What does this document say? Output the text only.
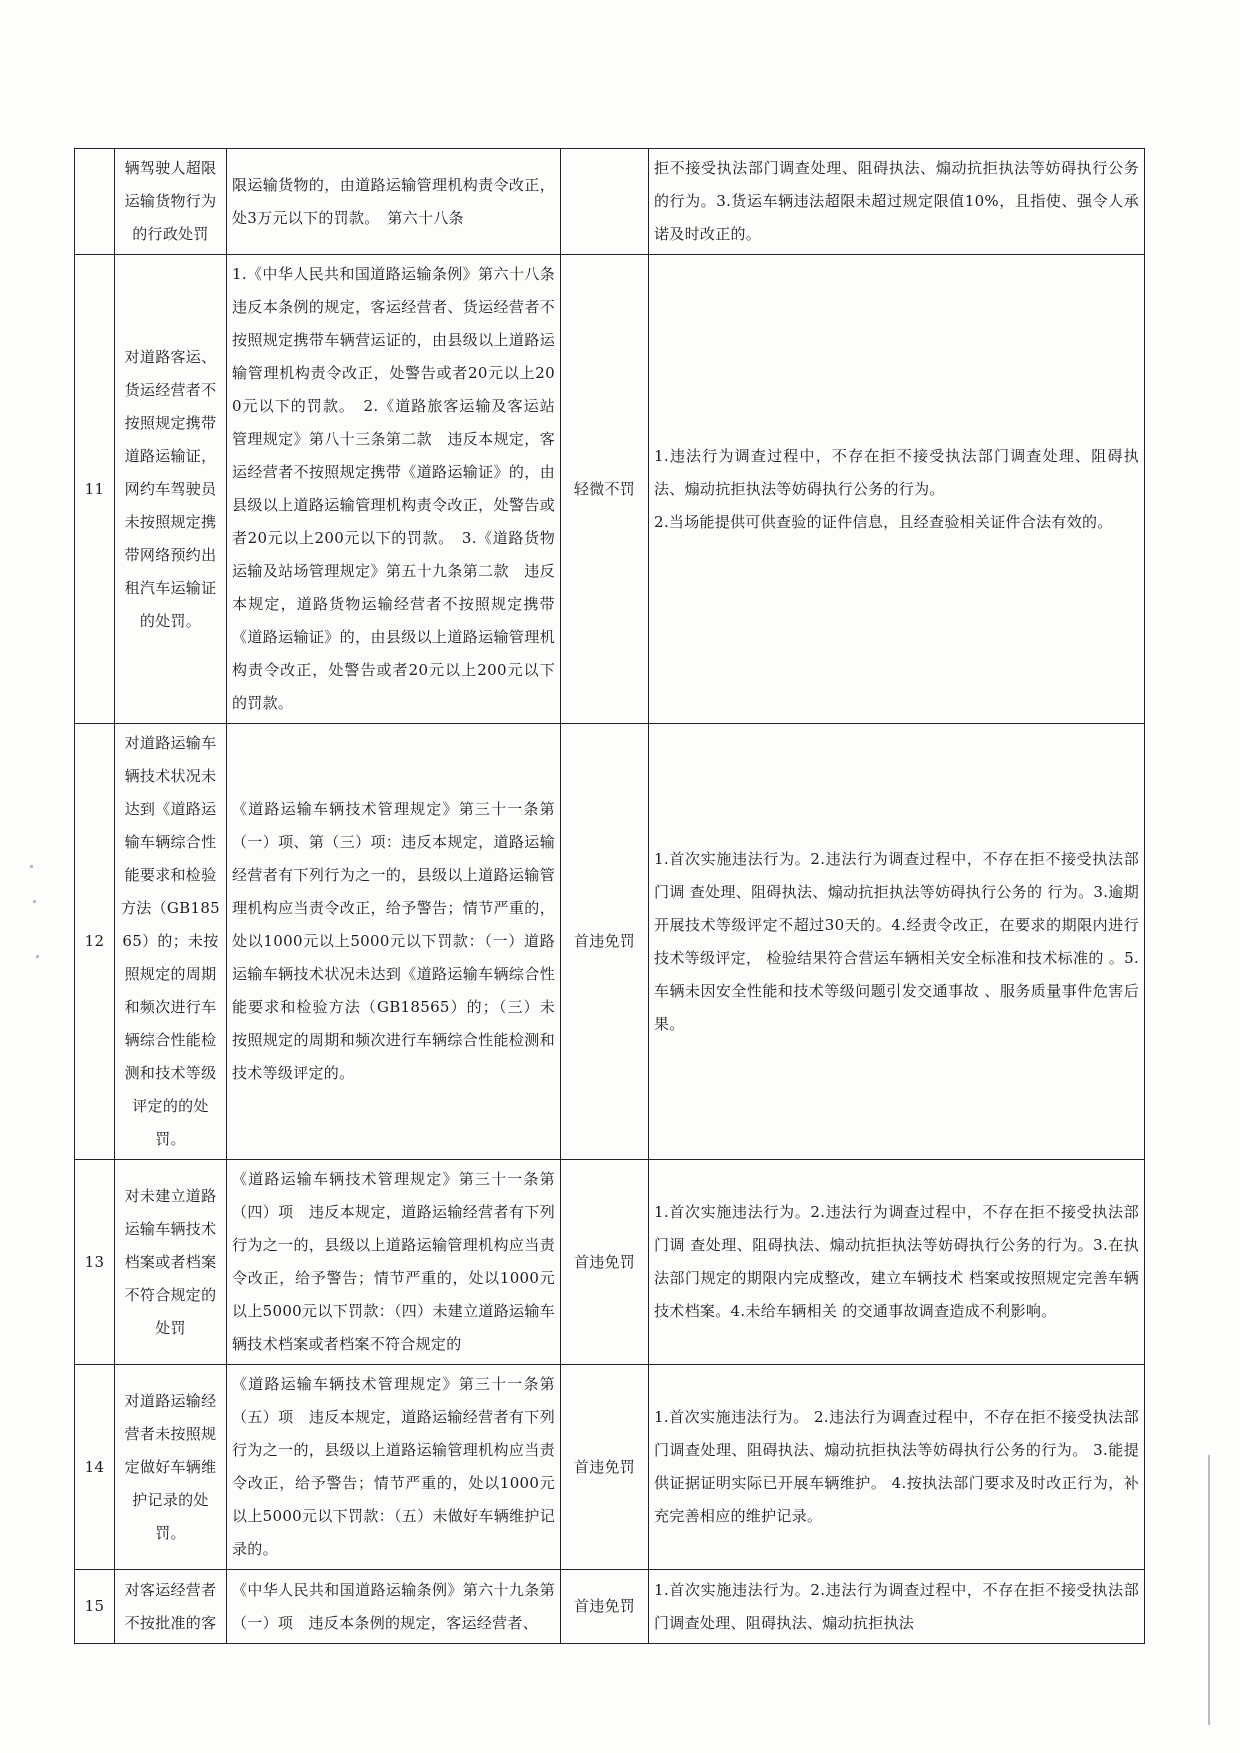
	辆驾驶人超限运输货物行为的行政处罚	限运输货物的，由道路运输管理机构责令改正，处3万元以下的罚款。　第六十八条		拒不接受执法部门调查处理、阻碍执法、煽动抗拒执法等妨碍执行公务的行为。3.货运车辆违法超限未超过规定限值10%，且指使、强令人承诺及时改正的。

11	对道路客运、货运经营者不按照规定携带道路运输证，网约车驾驶员未按照规定携带网络预约出租汽车运输证的处罚。	1.《中华人民共和国道路运输条例》第六十八条　违反本条例的规定，客运经营者、货运经营者不按照规定携带车辆营运证的，由县级以上道路运输管理机构责令改正，处警告或者20元以上200元以下的罚款。　2.《道路旅客运输及客运站管理规定》第八十三条第二款　违反本规定，客运经营者不按照规定携带《道路运输证》的，由县级以上道路运输管理机构责令改正，处警告或者20元以上200元以下的罚款。　3.《道路货物运输及站场管理规定》第五十九条第二款　违反本规定，道路货物运输经营者不按照规定携带《道路运输证》的，由县级以上道路运输管理机构责令改正，处警告或者20元以上200元以下的罚款。	轻微不罚	1.违法行为调查过程中，不存在拒不接受执法部门调查处理、阻碍执法、煽动抗拒执法等妨碍执行公务的行为。
2.当场能提供可供查验的证件信息，且经查验相关证件合法有效的。

12	对道路运输车辆技术状况未达到《道路运输车辆综合性能要求和检验方法（GB18565）的；未按照规定的周期和频次进行车辆综合性能检测和技术等级评定的的处罚。	《道路运输车辆技术管理规定》第三十一条第（一）项、第（三）项：违反本规定，道路运输经营者有下列行为之一的，县级以上道路运输管理机构应当责令改正，给予警告；情节严重的，处以1000元以上5000元以下罚款：（一）道路运输车辆技术状况未达到《道路运输车辆综合性能要求和检验方法（GB18565）的；（三）未按照规定的周期和频次进行车辆综合性能检测和技术等级评定的。	首违免罚	1.首次实施违法行为。2.违法行为调查过程中，不存在拒不接受执法部门调 查处理、阻碍执法、煽动抗拒执法等妨碍执行公务的 行为。3.逾期开展技术等级评定不超过30天的。4.经责令改正，在要求的期限内进行技术等级评定， 检验结果符合营运车辆相关安全标准和技术标准的 。5.车辆未因安全性能和技术等级问题引发交通事故 、服务质量事件危害后果。

13	对未建立道路运输车辆技术档案或者档案不符合规定的处罚	《道路运输车辆技术管理规定》第三十一条第（四）项　违反本规定，道路运输经营者有下列行为之一的，县级以上道路运输管理机构应当责令改正，给予警告；情节严重的，处以1000元以上5000元以下罚款：（四）未建立道路运输车辆技术档案或者档案不符合规定的	首违免罚	1.首次实施违法行为。2.违法行为调查过程中，不存在拒不接受执法部门调 查处理、阻碍执法、煽动抗拒执法等妨碍执行公务的行为。3.在执法部门规定的期限内完成整改，建立车辆技术 档案或按照规定完善车辆技术档案。4.未给车辆相关 的交通事故调查造成不利影响。

14	对道路运输经营者未按照规定做好车辆维护记录的处罚。	《道路运输车辆技术管理规定》第三十一条第（五）项　违反本规定，道路运输经营者有下列行为之一的，县级以上道路运输管理机构应当责令改正，给予警告；情节严重的，处以1000元以上5000元以下罚款：（五）未做好车辆维护记录的。	首违免罚	1.首次实施违法行为。 2.违法行为调查过程中，不存在拒不接受执法部门调查处理、阻碍执法、煽动抗拒执法等妨碍执行公务的行为。 3.能提供证据证明实际已开展车辆维护。 4.按执法部门要求及时改正行为，补充完善相应的维护记录。

15	对客运经营者不按批准的客	《中华人民共和国道路运输条例》第六十九条第（一）项　违反本条例的规定，客运经营者、	首违免罚	1.首次实施违法行为。2.违法行为调查过程中，不存在拒不接受执法部门调查处理、阻碍执法、煽动抗拒执法
